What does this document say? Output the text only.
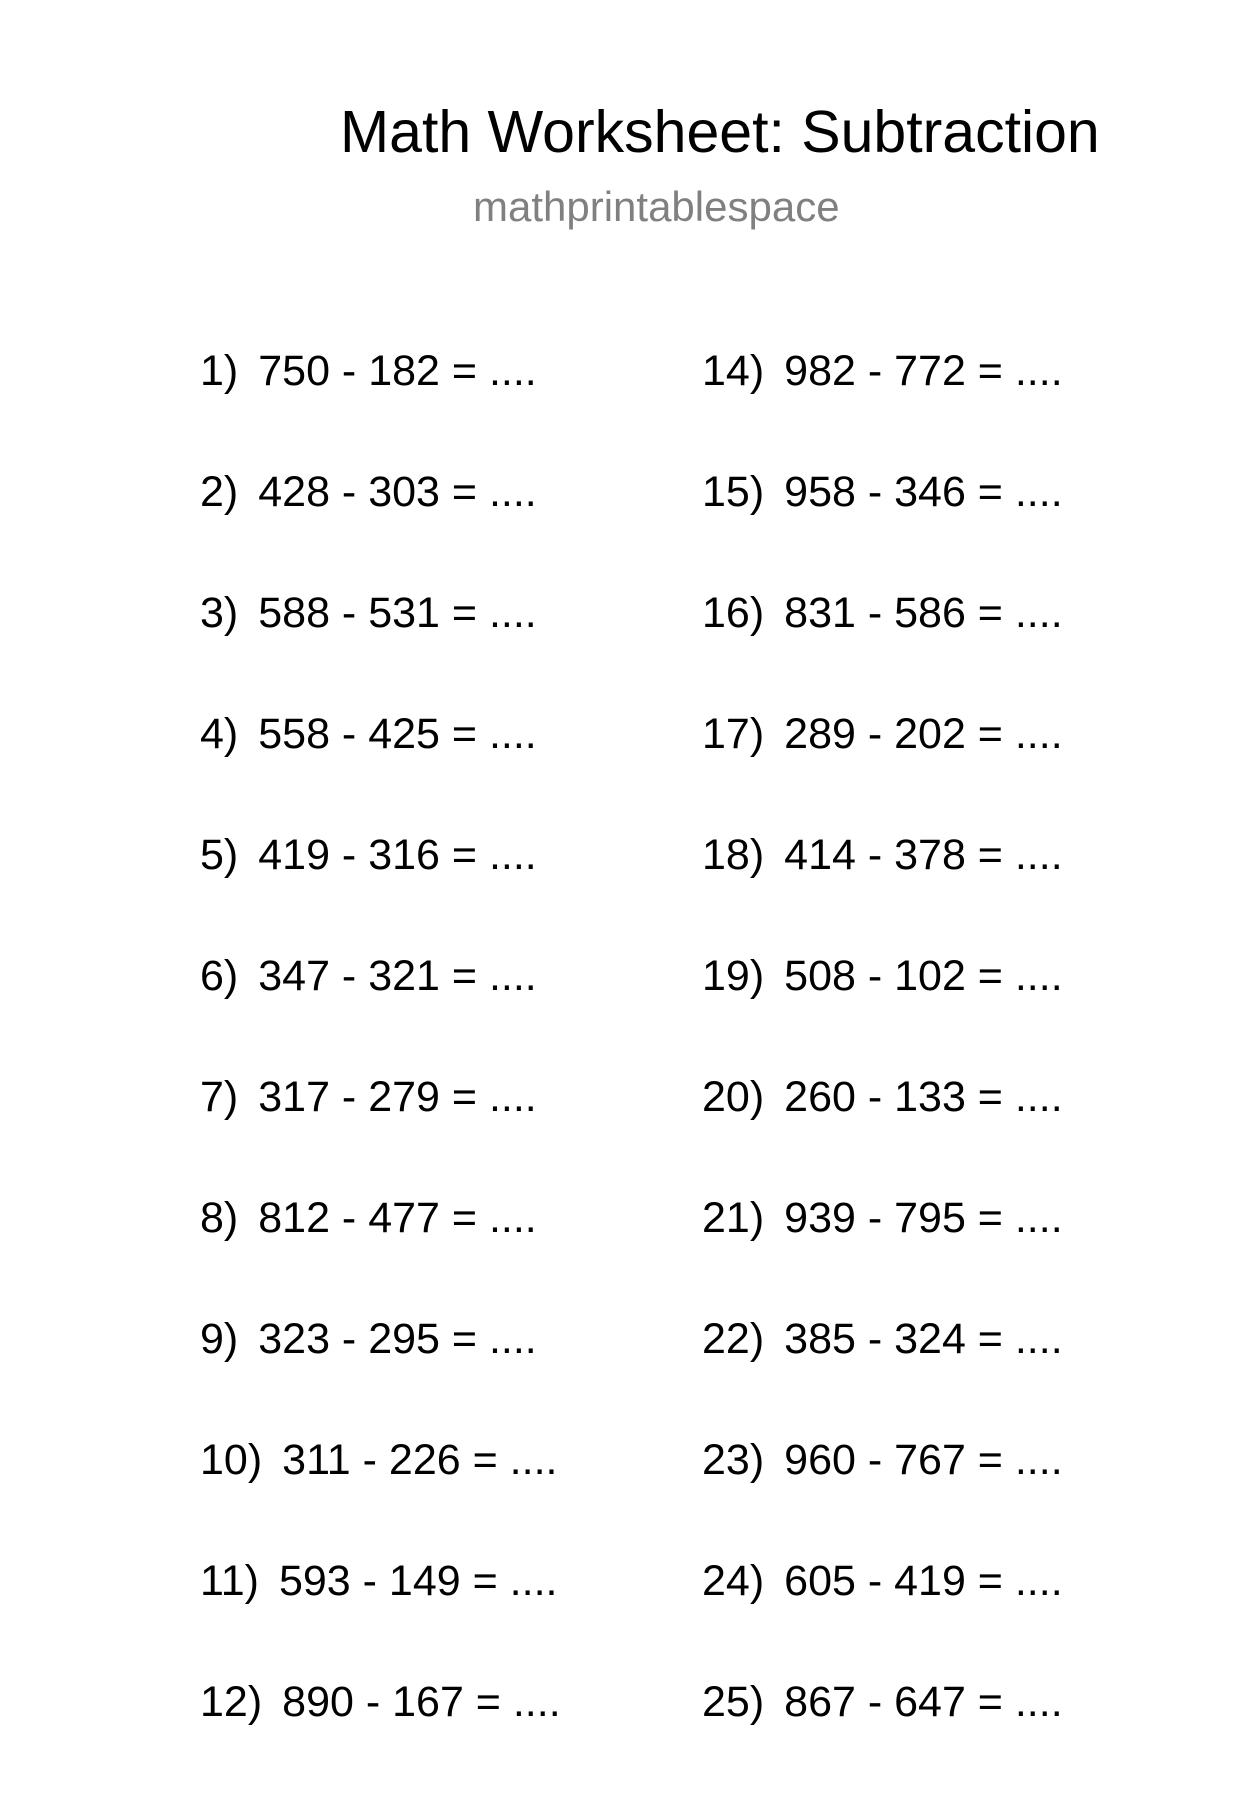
Math Worksheet: Subtraction
mathprintablespace
1) 750 - 182 = ....
2) 428 - 303 = ....
3) 588 - 531 = ....
4) 558 - 425 = ....
5) 419 - 316 = ....
6) 347 - 321 = ....
7) 317 - 279 = ....
8) 812 - 477 = ....
9) 323 - 295 = ....
10) 311 - 226 = ....
11) 593 - 149 = ....
12) 890 - 167 = ....
14) 982 - 772 = ....
15) 958 - 346 = ....
16) 831 - 586 = ....
17) 289 - 202 = ....
18) 414 - 378 = ....
19) 508 - 102 = ....
20) 260 - 133 = ....
21) 939 - 795 = ....
22) 385 - 324 = ....
23) 960 - 767 = ....
24) 605 - 419 = ....
25) 867 - 647 = ....
